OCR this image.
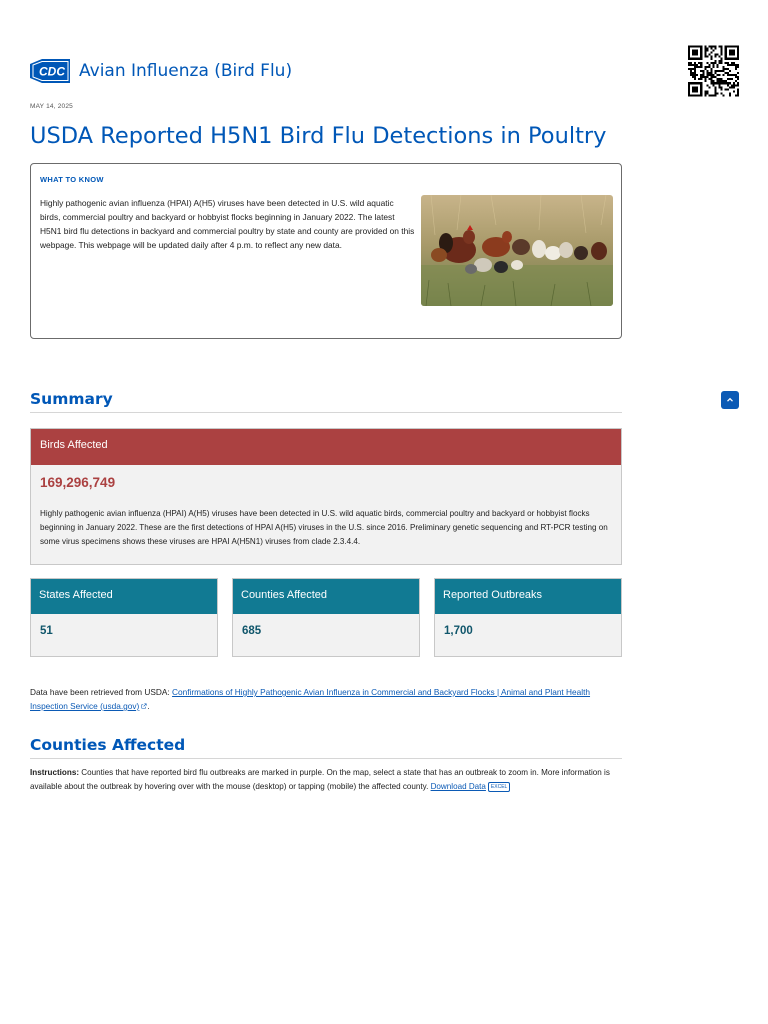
CDC Avian Influenza (Bird Flu)
MAY 14, 2025
USDA Reported H5N1 Bird Flu Detections in Poultry
WHAT TO KNOW
Highly pathogenic avian influenza (HPAI) A(H5) viruses have been detected in U.S. wild aquatic birds, commercial poultry and backyard or hobbyist flocks beginning in January 2022. The latest H5N1 bird flu detections in backyard and commercial poultry by state and county are provided on this webpage. This webpage will be updated daily after 4 p.m. to reflect any new data.
Summary
Birds Affected
169,296,749
Highly pathogenic avian influenza (HPAI) A(H5) viruses have been detected in U.S. wild aquatic birds, commercial poultry and backyard or hobbyist flocks beginning in January 2022. These are the first detections of HPAI A(H5) viruses in the U.S. since 2016. Preliminary genetic sequencing and RT-PCR testing on some virus specimens shows these viruses are HPAI A(H5N1) viruses from clade 2.3.4.4.
States Affected
51
Counties Affected
685
Reported Outbreaks
1,700

Data have been retrieved from USDA: Confirmations of Highly Pathogenic Avian Influenza in Commercial and Backyard Flocks | Animal and Plant Health Inspection Service (usda.gov) .

Counties Affected

Instructions: Counties that have reported bird flu outbreaks are marked in purple. On the map, select a state that has an outbreak to zoom in. More information is available about the outbreak by hovering over with the mouse (desktop) or tapping (mobile) the affected county. Download Data EXCEL
